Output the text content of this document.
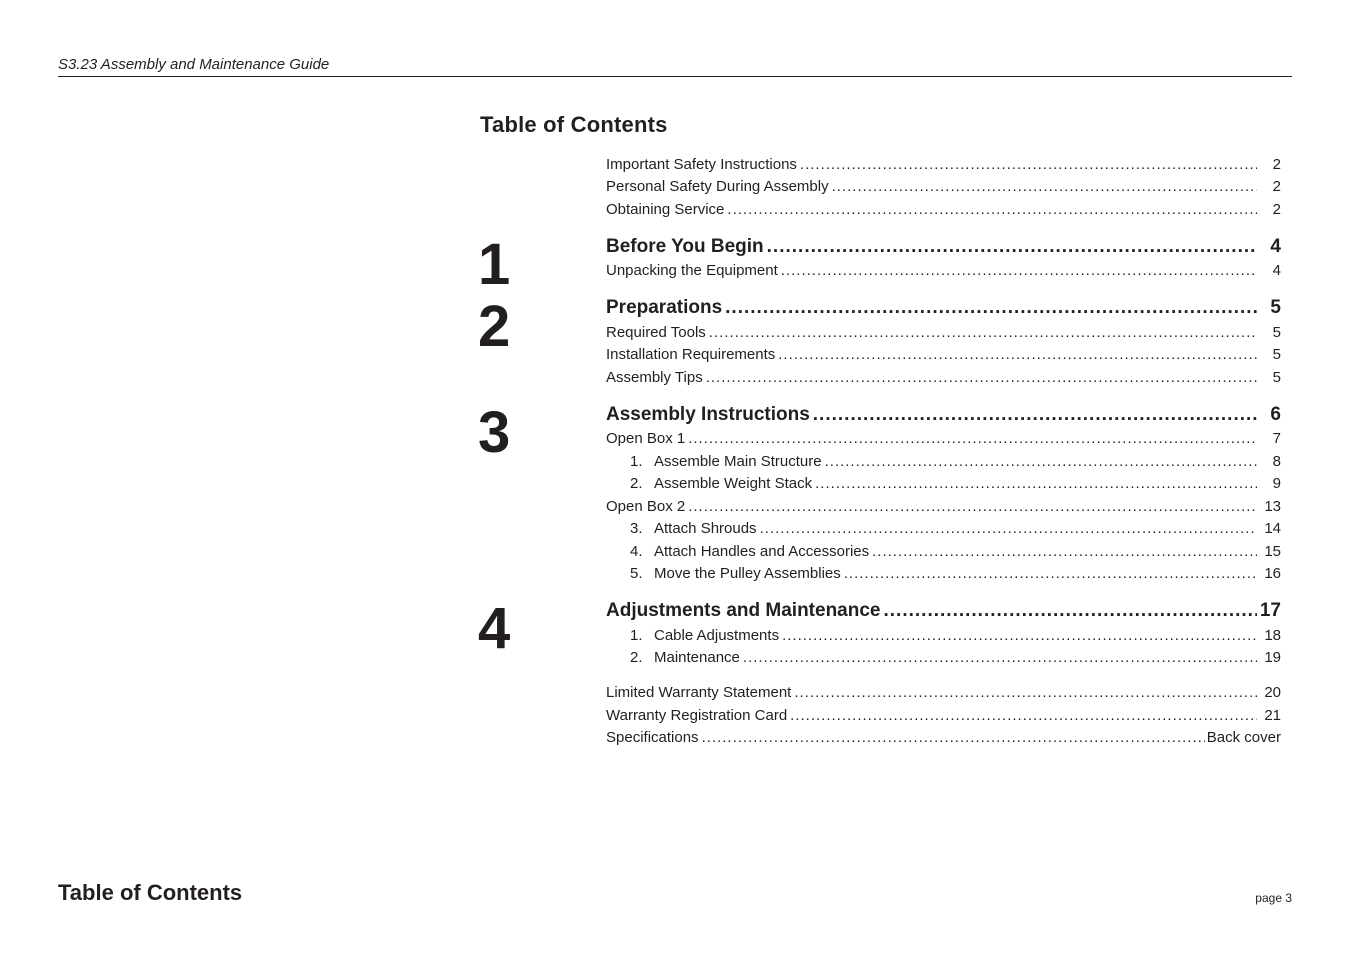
S3.23 Assembly and Maintenance Guide
Table of Contents
1
2
3
4
Important Safety Instructions .....	2
Personal Safety During Assembly .....	2
Obtaining Service .....	2
Before You Begin .....	4
Unpacking the Equipment .....	4
Preparations .....	5
Required Tools .....	5
Installation Requirements .....	5
Assembly Tips .....	5
Assembly Instructions .....	6
Open Box 1 .....	7
1. Assemble Main Structure .....	8
2. Assemble Weight Stack .....	9
Open Box 2 .....	13
3. Attach Shrouds .....	14
4. Attach Handles and Accessories .....	15
5. Move the Pulley Assemblies .....	16
Adjustments and Maintenance .....	17
1. Cable Adjustments .....	18
2. Maintenance .....	19
Limited Warranty Statement .....	20
Warranty Registration Card .....	21
Specifications .....	Back cover
Table of Contents	page 3
